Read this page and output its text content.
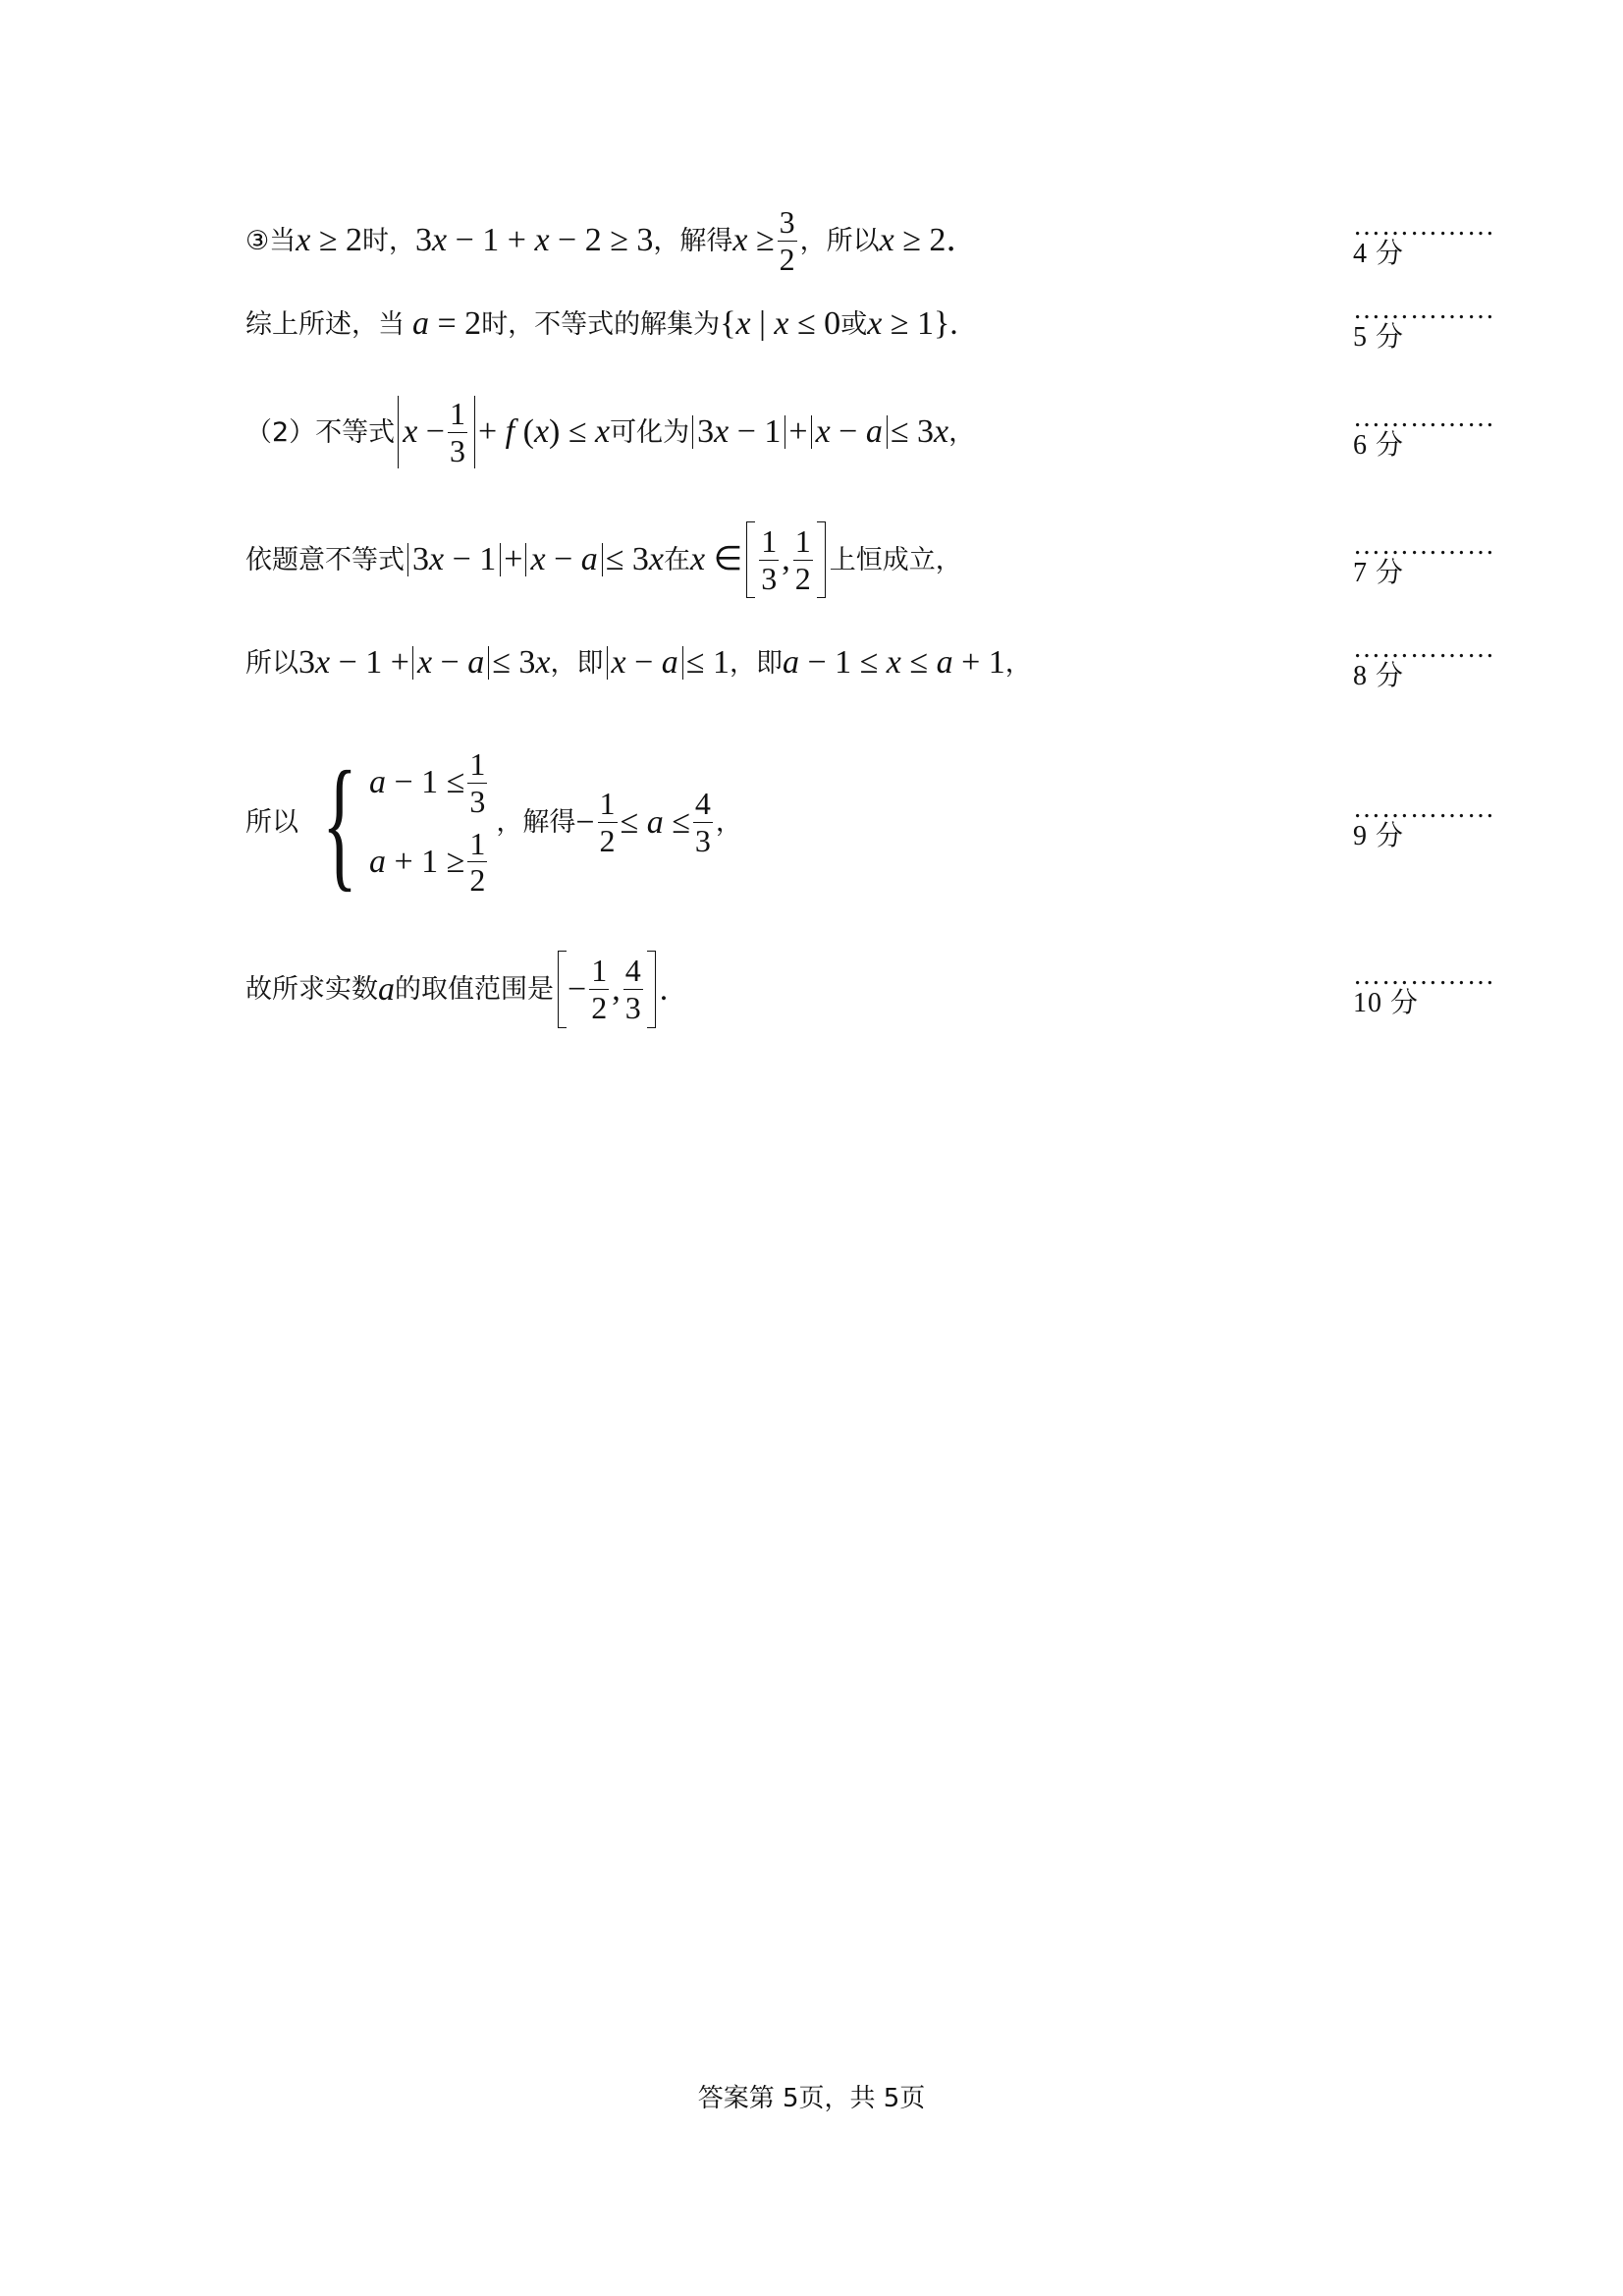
③当 x ≥ 2 时， 3x − 1 + x − 2 ≥ 3 ，解得 $x \ge \frac{3}{2}$ ，所以 x ≥ 2 ．	……………4 分
综上所述，当 a = 2 时，不等式的解集为 {x | x ≤ 0 或 x ≥ 1} .	……………5 分
（2）不等式 $x - \frac{1}{3} + f$ (x) ≤ x 可化为 3x − 1 + x − a ≤ 3x ，	……………6 分
依题意不等式 3x − 1 + x − a ≤ 3x 在 x ∈ $\frac{1}{3}$ , $\frac{1}{2}$ 上恒成立，	……………7 分
所以 3x − 1 + x − a ≤ 3x ，即 x − a ≤ 1 ，即 a − 1 ≤ x ≤ a + 1 ，	……………8 分
所以 { $a - 1 \le \frac{1}{3}$
$a + 1 \ge \frac{1}{2}$
，解得 − $\frac{1}{2} \le a \le \frac{4}{3}$ ，	……………9 分
故所求实数 a 的取值范围是 − $\frac{1}{2}$ , $\frac{4}{3}$ .	……………10 分
答案第 5页，共 5页
